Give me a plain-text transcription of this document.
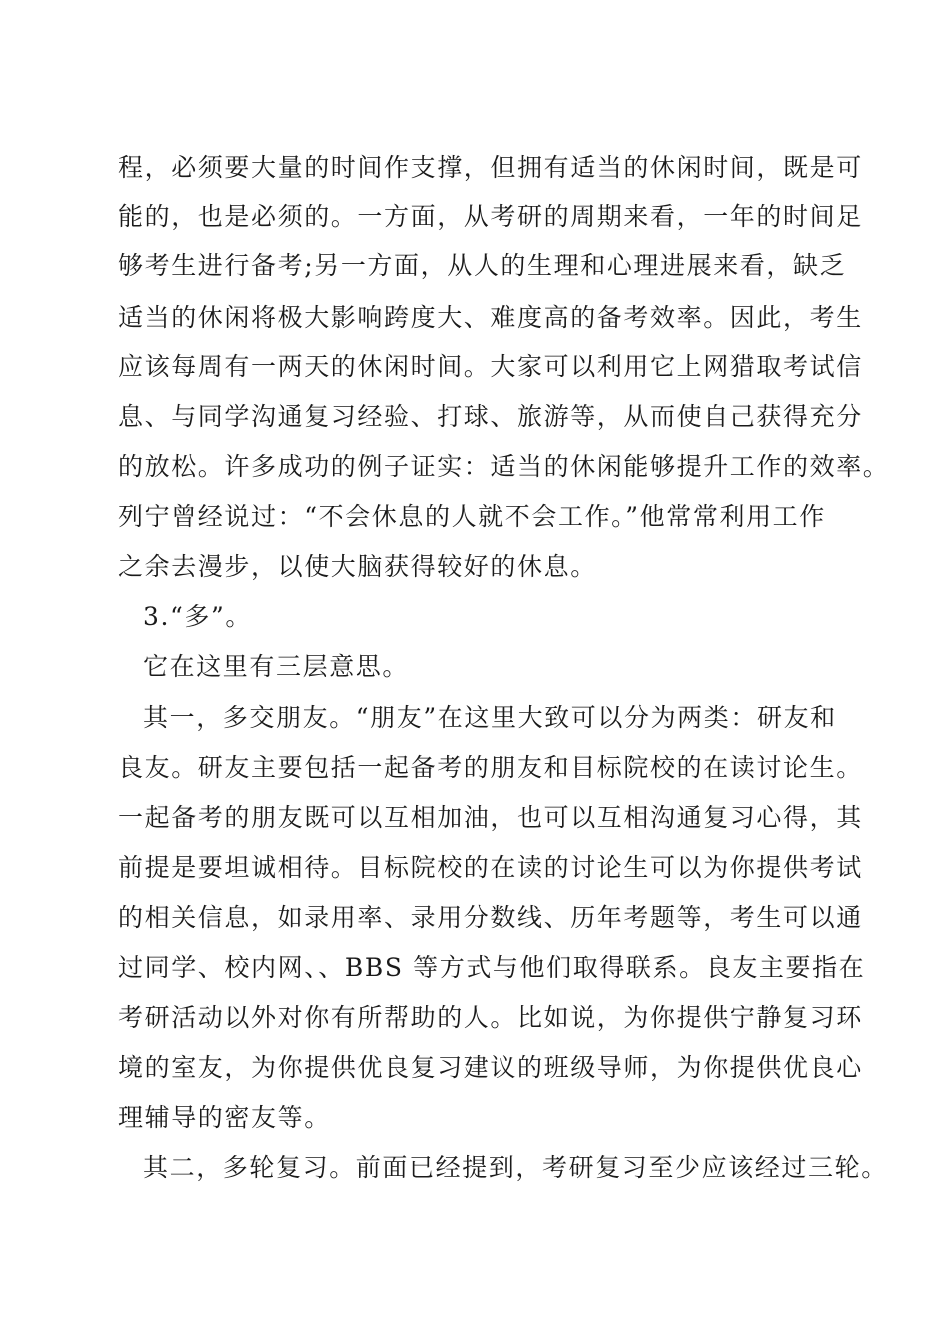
程，必须要大量的时间作支撑，但拥有适当的休闲时间，既是可
能的，也是必须的。一方面，从考研的周期来看，一年的时间足
够考生进行备考;另一方面，从人的生理和心理进展来看，缺乏
适当的休闲将极大影响跨度大、难度高的备考效率。因此，考生
应该每周有一两天的休闲时间。大家可以利用它上网猎取考试信
息、与同学沟通复习经验、打球、旅游等，从而使自己获得充分
的放松。许多成功的例子证实：适当的休闲能够提升工作的效率。
列宁曾经说过：“不会休息的人就不会工作。”他常常利用工作
之余去漫步，以使大脑获得较好的休息。
3.“多”。
它在这里有三层意思。
其一，多交朋友。“朋友”在这里大致可以分为两类：研友和
良友。研友主要包括一起备考的朋友和目标院校的在读讨论生。
一起备考的朋友既可以互相加油，也可以互相沟通复习心得，其
前提是要坦诚相待。目标院校的在读的讨论生可以为你提供考试
的相关信息，如录用率、录用分数线、历年考题等，考生可以通
过同学、校内网、、BBS 等方式与他们取得联系。良友主要指在
考研活动以外对你有所帮助的人。比如说，为你提供宁静复习环
境的室友，为你提供优良复习建议的班级导师，为你提供优良心
理辅导的密友等。
其二，多轮复习。前面已经提到，考研复习至少应该经过三轮。
